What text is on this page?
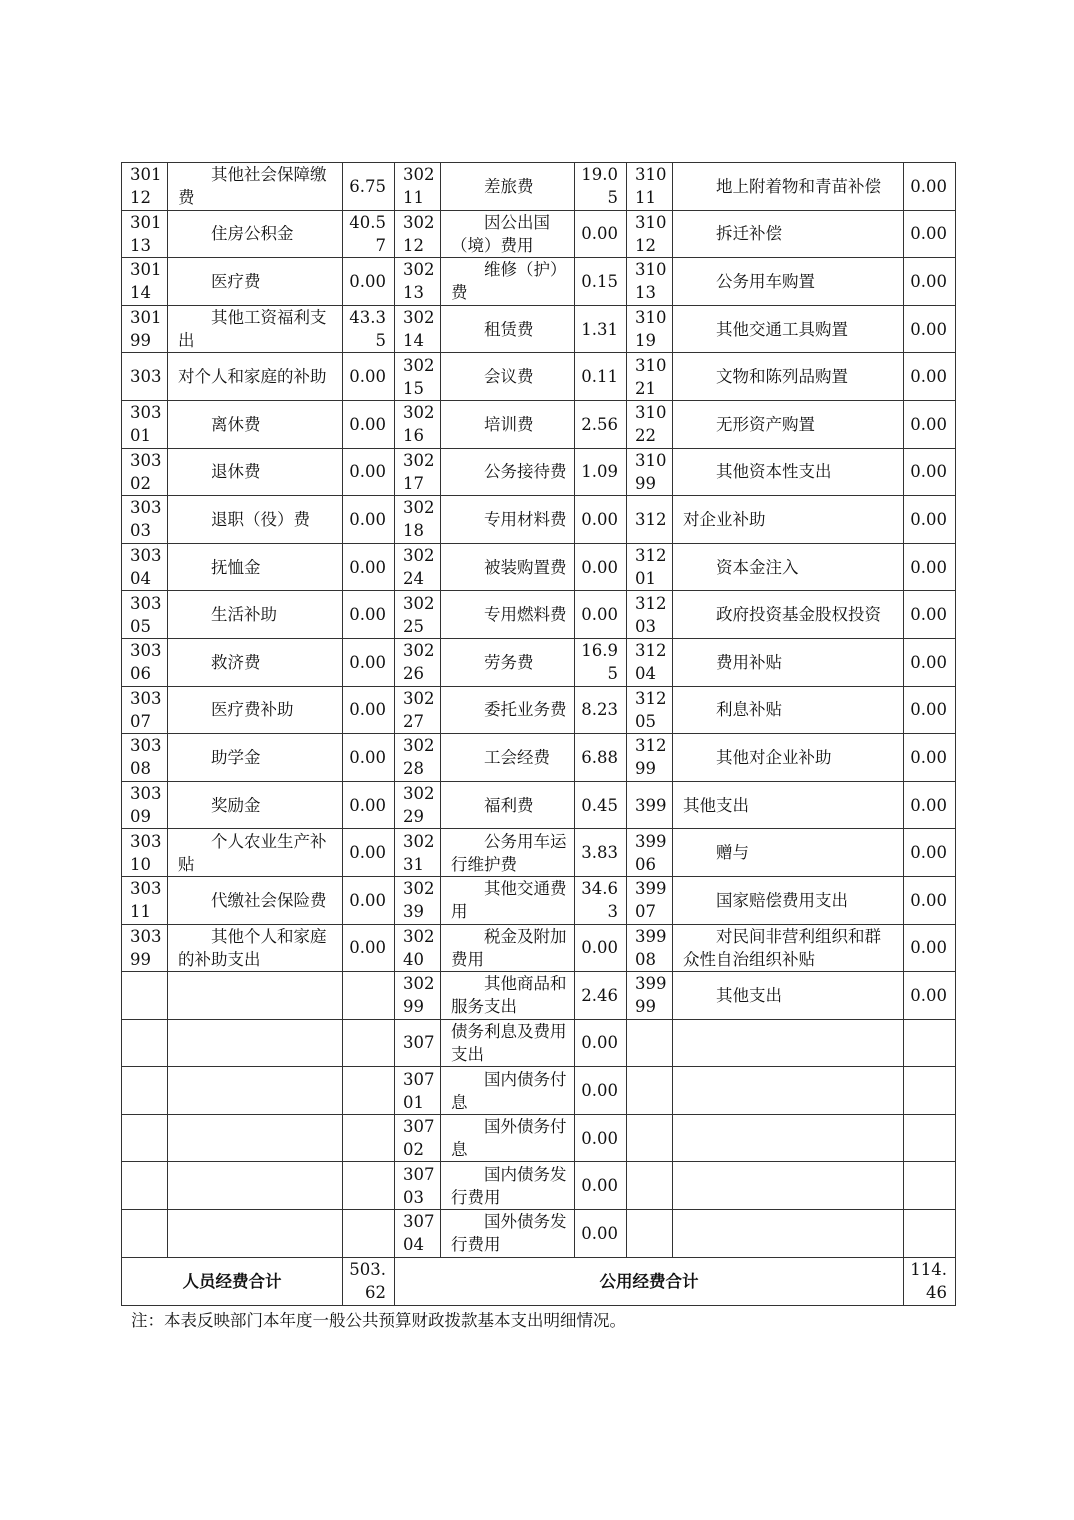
30112	其他社会保障缴费	6.75	30211	差旅费	19.05	31011	地上附着物和青苗补偿	0.00
30113	住房公积金	40.57	30212	因公出国（境）费用	0.00	31012	拆迁补偿	0.00
30114	医疗费	0.00	30213	维修（护）费	0.15	31013	公务用车购置	0.00
30199	其他工资福利支出	43.35	30214	租赁费	1.31	31019	其他交通工具购置	0.00
303	对个人和家庭的补助	0.00	30215	会议费	0.11	31021	文物和陈列品购置	0.00
30301	离休费	0.00	30216	培训费	2.56	31022	无形资产购置	0.00
30302	退休费	0.00	30217	公务接待费	1.09	31099	其他资本性支出	0.00
30303	退职（役）费	0.00	30218	专用材料费	0.00	312	对企业补助	0.00
30304	抚恤金	0.00	30224	被装购置费	0.00	31201	资本金注入	0.00
30305	生活补助	0.00	30225	专用燃料费	0.00	31203	政府投资基金股权投资	0.00
30306	救济费	0.00	30226	劳务费	16.95	31204	费用补贴	0.00
30307	医疗费补助	0.00	30227	委托业务费	8.23	31205	利息补贴	0.00
30308	助学金	0.00	30228	工会经费	6.88	31299	其他对企业补助	0.00
30309	奖励金	0.00	30229	福利费	0.45	399	其他支出	0.00
30310	个人农业生产补贴	0.00	30231	公务用车运行维护费	3.83	39906	赠与	0.00
30311	代缴社会保险费	0.00	30239	其他交通费用	34.63	39907	国家赔偿费用支出	0.00
30399	其他个人和家庭的补助支出	0.00	30240	税金及附加费用	0.00	39908	对民间非营利组织和群众性自治组织补贴	0.00
			30299	其他商品和服务支出	2.46	39999	其他支出	0.00
			307	债务利息及费用支出	0.00			
			30701	国内债务付息	0.00			
			30702	国外债务付息	0.00			
			30703	国内债务发行费用	0.00			
			30704	国外债务发行费用	0.00			
人员经费合计		503.62	公用经费合计					114.46

注：本表反映部门本年度一般公共预算财政拨款基本支出明细情况。
